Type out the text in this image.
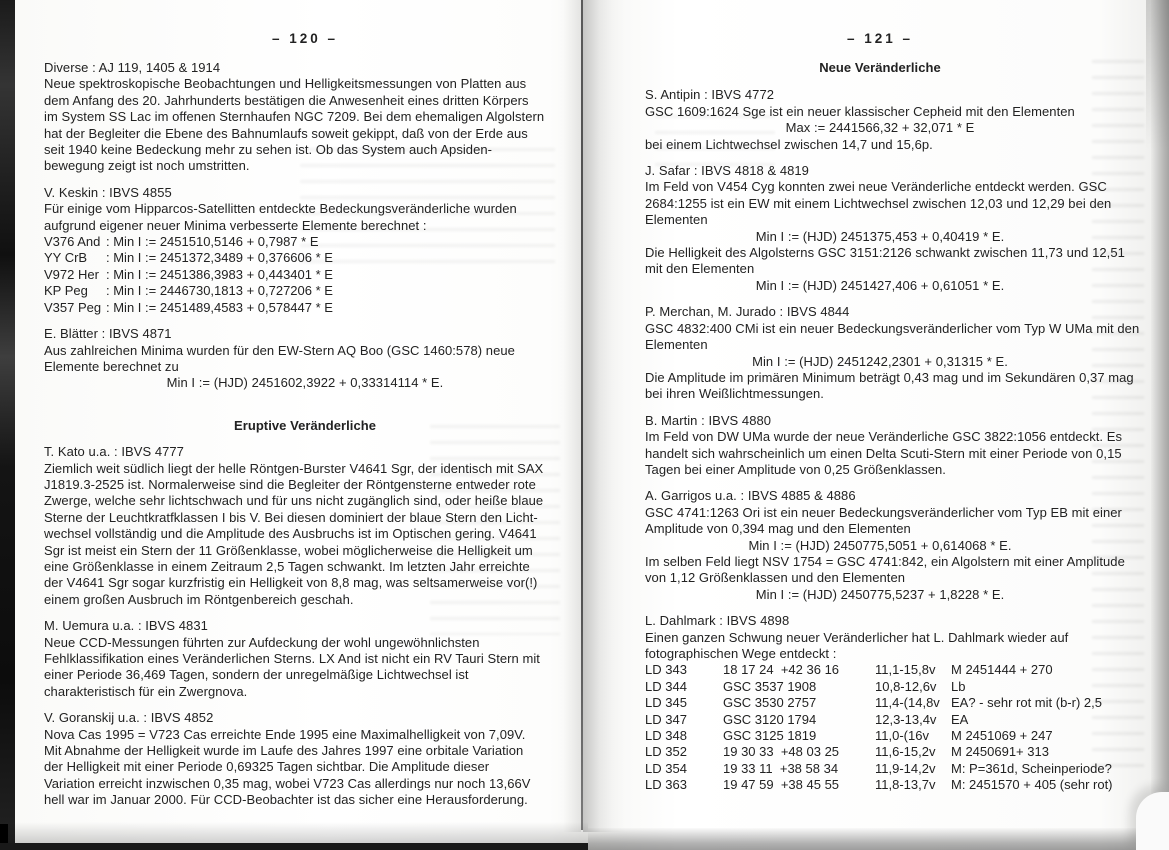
– 120 –
Diverse : AJ 119, 1405 & 1914
Neue spektroskopische Beobachtungen und Helligkeitsmessungen von Platten aus
dem Anfang des 20. Jahrhunderts bestätigen die Anwesenheit eines dritten Körpers
im System SS Lac im offenen Sternhaufen NGC 7209. Bei dem ehemaligen Algolstern
hat der Begleiter die Ebene des Bahnumlaufs soweit gekippt, daß von der Erde aus
seit 1940 keine Bedeckung mehr zu sehen ist. Ob das System auch Apsiden-
bewegung zeigt ist noch umstritten.
V. Keskin : IBVS 4855
Für einige vom Hipparcos-Satellitten entdeckte Bedeckungsveränderliche wurden
aufgrund eigener neuer Minima verbesserte Elemente berechnet :
V376 And : Min I := 2451510,5146 + 0,7987 * E
YY CrB : Min I := 2451372,3489 + 0,376606 * E
V972 Her : Min I := 2451386,3983 + 0,443401 * E
KP Peg : Min I := 2446730,1813 + 0,727206 * E
V357 Peg : Min I := 2451489,4583 + 0,578447 * E
E. Blätter : IBVS 4871
Aus zahlreichen Minima wurden für den EW-Stern AQ Boo (GSC 1460:578) neue
Elemente berechnet zu
Min I := (HJD) 2451602,3922 + 0,33314114 * E.
Eruptive Veränderliche
T. Kato u.a. : IBVS 4777
Ziemlich weit südlich liegt der helle Röntgen-Burster V4641 Sgr, der identisch mit SAX
J1819.3-2525 ist. Normalerweise sind die Begleiter der Röntgensterne entweder rote
Zwerge, welche sehr lichtschwach und für uns nicht zugänglich sind, oder heiße blaue
Sterne der Leuchtkratfklassen I bis V. Bei diesen dominiert der blaue Stern den Licht-
wechsel vollständig und die Amplitude des Ausbruchs ist im Optischen gering. V4641
Sgr ist meist ein Stern der 11 Größenklasse, wobei möglicherweise die Helligkeit um
eine Größenklasse in einem Zeitraum 2,5 Tagen schwankt. Im letzten Jahr erreichte
der V4641 Sgr sogar kurzfristig ein Helligkeit von 8,8 mag, was seltsamerweise vor(!)
einem großen Ausbruch im Röntgenbereich geschah.
M. Uemura u.a. : IBVS 4831
Neue CCD-Messungen führten zur Aufdeckung der wohl ungewöhnlichsten
Fehlklassifikation eines Veränderlichen Sterns. LX And ist nicht ein RV Tauri Stern mit
einer Periode 36,469 Tagen, sondern der unregelmäßige Lichtwechsel ist
charakteristisch für ein Zwergnova.
V. Goranskij u.a. : IBVS 4852
Nova Cas 1995 = V723 Cas erreichte Ende 1995 eine Maximalhelligkeit von 7,09V.
Mit Abnahme der Helligkeit wurde im Laufe des Jahres 1997 eine orbitale Variation
der Helligkeit mit einer Periode 0,69325 Tagen sichtbar. Die Amplitude dieser
Variation erreicht inzwischen 0,35 mag, wobei V723 Cas allerdings nur noch 13,66V
hell war im Januar 2000. Für CCD-Beobachter ist das sicher eine Herausforderung.
– 121 –
Neue Veränderliche
S. Antipin : IBVS 4772
GSC 1609:1624 Sge ist ein neuer klassischer Cepheid mit den Elementen
Max := 2441566,32 + 32,071 * E
bei einem Lichtwechsel zwischen 14,7 und 15,6p.
J. Safar : IBVS 4818 & 4819
Im Feld von V454 Cyg konnten zwei neue Veränderliche entdeckt werden. GSC
2684:1255 ist ein EW mit einem Lichtwechsel zwischen 12,03 und 12,29 bei den
Elementen
Min I := (HJD) 2451375,453 + 0,40419 * E.
Die Helligkeit des Algolsterns GSC 3151:2126 schwankt zwischen 11,73 und 12,51
mit den Elementen
Min I := (HJD) 2451427,406 + 0,61051 * E.
P. Merchan, M. Jurado : IBVS 4844
GSC 4832:400 CMi ist ein neuer Bedeckungsveränderlicher vom Typ W UMa mit den
Elementen
Min I := (HJD) 2451242,2301 + 0,31315 * E.
Die Amplitude im primären Minimum beträgt 0,43 mag und im Sekundären 0,37 mag
bei ihren Weißlichtmessungen.
B. Martin : IBVS 4880
Im Feld von DW UMa wurde der neue Veränderliche GSC 3822:1056 entdeckt. Es
handelt sich wahrscheinlich um einen Delta Scuti-Stern mit einer Periode von 0,15
Tagen bei einer Amplitude von 0,25 Größenklassen.
A. Garrigos u.a. : IBVS 4885 & 4886
GSC 4741:1263 Ori ist ein neuer Bedeckungsveränderlicher vom Typ EB mit einer
Amplitude von 0,394 mag und den Elementen
Min I := (HJD) 2450775,5051 + 0,614068 * E.
Im selben Feld liegt NSV 1754 = GSC 4741:842, ein Algolstern mit einer Amplitude
von 1,12 Größenklassen und den Elementen
Min I := (HJD) 2450775,5237 + 1,8228 * E.
L. Dahlmark : IBVS 4898
Einen ganzen Schwung neuer Veränderlicher hat L. Dahlmark wieder auf
fotographischen Wege entdeckt :
LD 343	18 17 24  +42 36 16	11,1-15,8v M 2451444 + 270
LD 344	GSC 3537 1908	10,8-12,6v Lb
LD 345	GSC 3530 2757	11,4-(14,8v EA? - sehr rot mit (b-r) 2,5
LD 347	GSC 3120 1794	12,3-13,4v EA
LD 348	GSC 3125 1819	11,0-(16v M 2451069 + 247
LD 352	19 30 33  +48 03 25	11,6-15,2v M 2450691+ 313
LD 354	19 33 11  +38 58 34	11,9-14,2v M: P=361d, Scheinperiode?
LD 363	19 47 59  +38 45 55	11,8-13,7v M: 2451570 + 405 (sehr rot)
